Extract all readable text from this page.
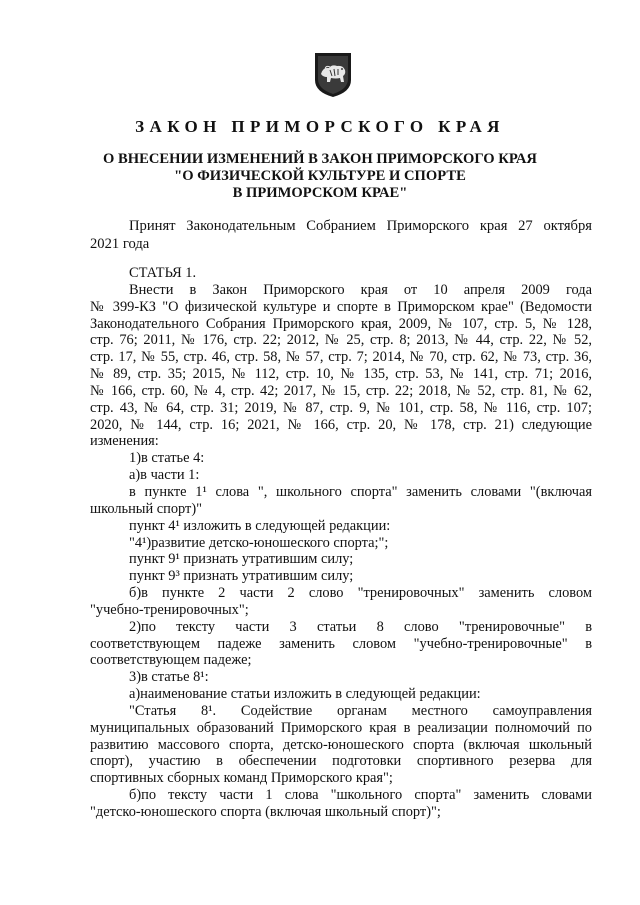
ЗАКОН ПРИМОРСКОГО КРАЯ
О ВНЕСЕНИИ ИЗМЕНЕНИЙ В ЗАКОН ПРИМОРСКОГО КРАЯ
"О ФИЗИЧЕСКОЙ КУЛЬТУРЕ И СПОРТЕ
В ПРИМОРСКОМ КРАЕ"
Принят Законодательным Собранием Приморского края 27 октября
2021 года
СТАТЬЯ 1.
Внести в Закон Приморского края от 10 апреля 2009 года
№ 399-КЗ "О физической культуре и спорте в Приморском крае" (Ведомости
Законодательного Собрания Приморского края, 2009, № 107, стр. 5, № 128,
стр. 76; 2011, № 176, стр. 22; 2012, № 25, стр. 8; 2013, № 44, стр. 22, № 52,
стр. 17, № 55, стр. 46, стр. 58, № 57, стр. 7; 2014, № 70, стр. 62, № 73, стр. 36,
№ 89, стр. 35; 2015, № 112, стр. 10, № 135, стр. 53, № 141, стр. 71; 2016,
№ 166, стр. 60, № 4, стр. 42; 2017, № 15, стр. 22; 2018, № 52, стр. 81, № 62,
стр. 43, № 64, стр. 31; 2019, № 87, стр. 9, № 101, стр. 58, № 116, стр. 107;
2020, № 144, стр. 16; 2021, № 166, стр. 20, № 178, стр. 21) следующие
изменения:
1)в статье 4:
а)в части 1:
в пункте 1¹ слова ", школьного спорта" заменить словами "(включая
школьный спорт)"
пункт 4¹ изложить в следующей редакции:
"4¹)развитие детско-юношеского спорта;";
пункт 9¹ признать утратившим силу;
пункт 9³ признать утратившим силу;
б)в пункте 2 части 2 слово "тренировочных" заменить словом
"учебно-тренировочных";
2)по тексту части 3 статьи 8 слово "тренировочные" в
соответствующем падеже заменить словом "учебно-тренировочные" в
соответствующем падеже;
3)в статье 8¹:
а)наименование статьи изложить в следующей редакции:
"Статья 8¹. Содействие органам местного самоуправления
муниципальных образований Приморского края в реализации полномочий по
развитию массового спорта, детско-юношеского спорта (включая школьный
спорт), участию в обеспечении подготовки спортивного резерва для
спортивных сборных команд Приморского края";
б)по тексту части 1 слова "школьного спорта" заменить словами
"детско-юношеского спорта (включая школьный спорт)";
